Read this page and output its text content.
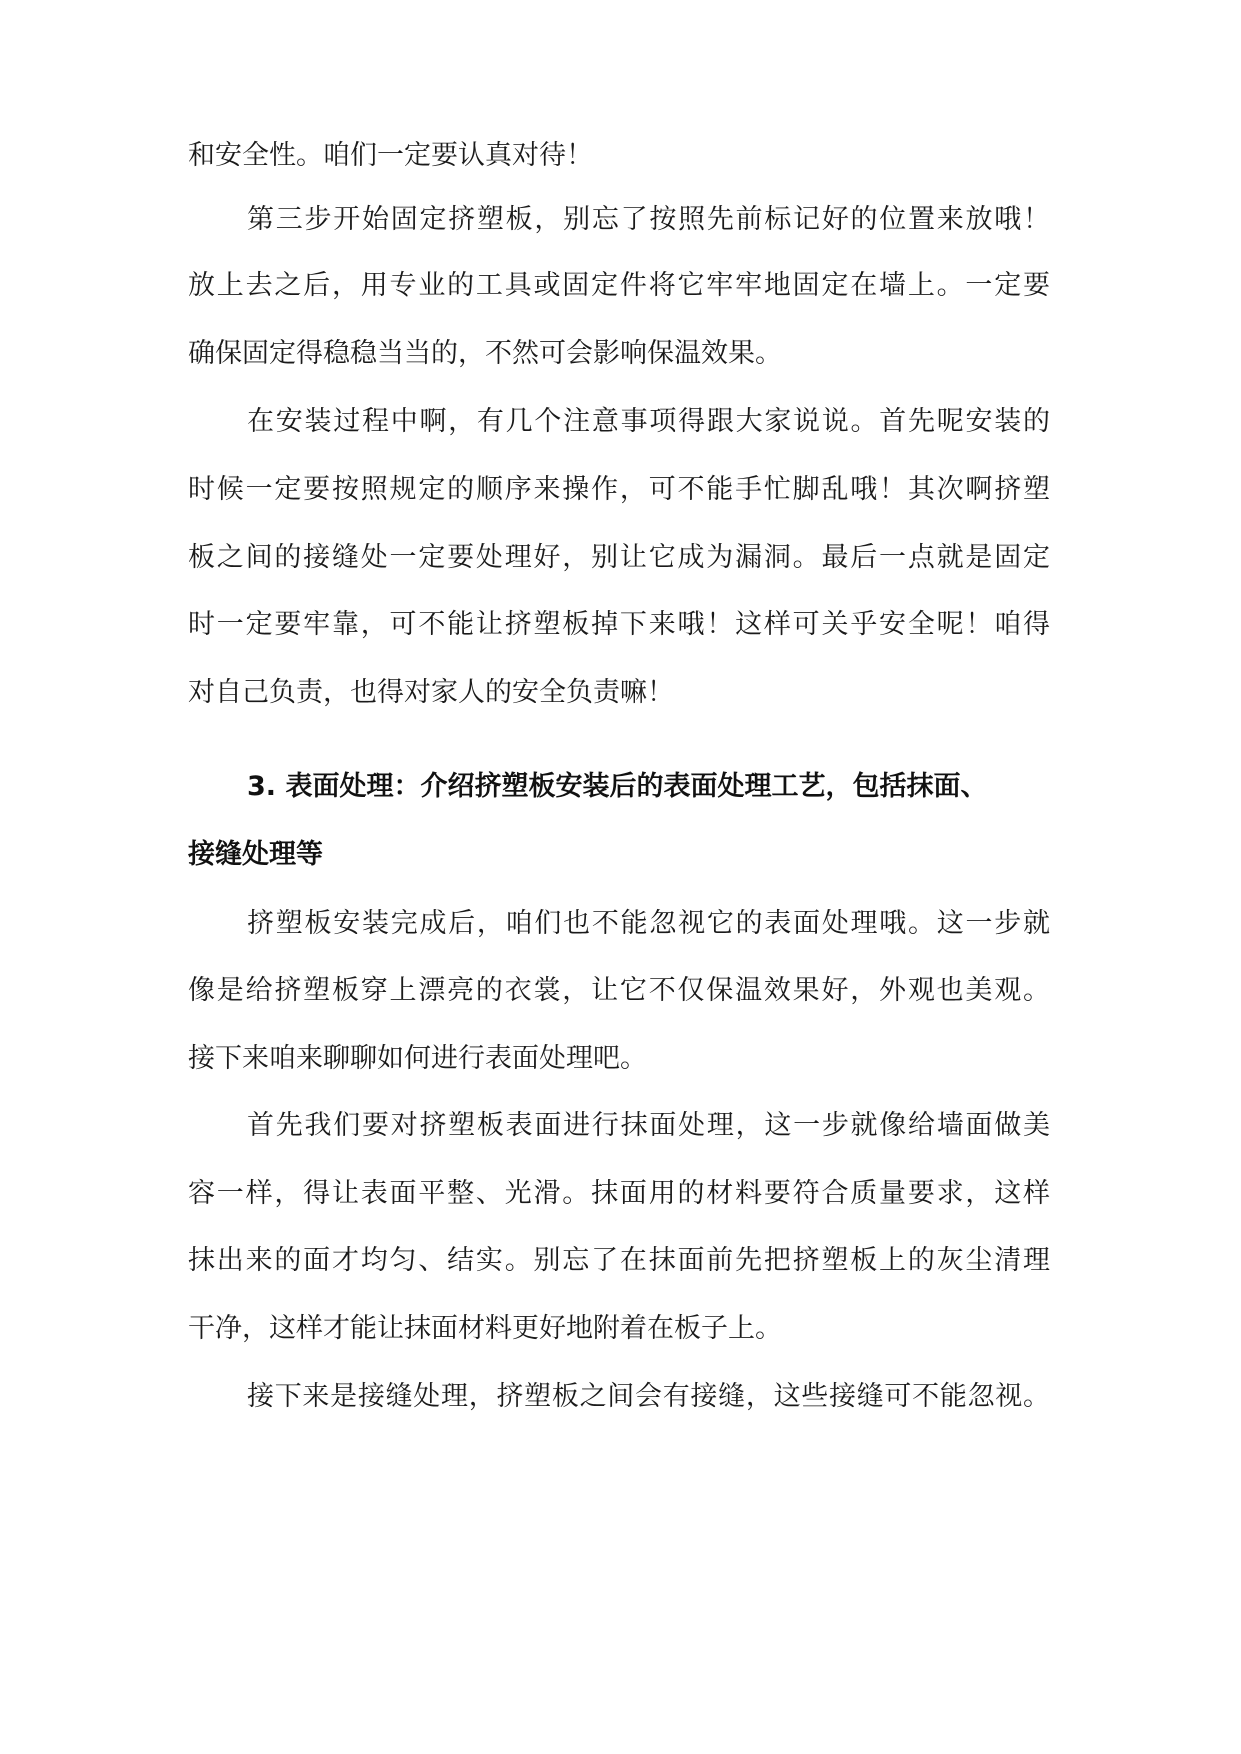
和安全性。咱们一定要认真对待！
第三步开始固定挤塑板，别忘了按照先前标记好的位置来放哦！
放上去之后，用专业的工具或固定件将它牢牢地固定在墙上。一定要
确保固定得稳稳当当的，不然可会影响保温效果。
在安装过程中啊，有几个注意事项得跟大家说说。首先呢安装的
时候一定要按照规定的顺序来操作，可不能手忙脚乱哦！其次啊挤塑
板之间的接缝处一定要处理好，别让它成为漏洞。最后一点就是固定
时一定要牢靠，可不能让挤塑板掉下来哦！这样可关乎安全呢！咱得
对自己负责，也得对家人的安全负责嘛！
3. 表面处理：介绍挤塑板安装后的表面处理工艺，包括抹面、
接缝处理等
挤塑板安装完成后，咱们也不能忽视它的表面处理哦。这一步就
像是给挤塑板穿上漂亮的衣裳，让它不仅保温效果好，外观也美观。
接下来咱来聊聊如何进行表面处理吧。
首先我们要对挤塑板表面进行抹面处理，这一步就像给墙面做美
容一样，得让表面平整、光滑。抹面用的材料要符合质量要求，这样
抹出来的面才均匀、结实。别忘了在抹面前先把挤塑板上的灰尘清理
干净，这样才能让抹面材料更好地附着在板子上。
接下来是接缝处理，挤塑板之间会有接缝，这些接缝可不能忽视。
